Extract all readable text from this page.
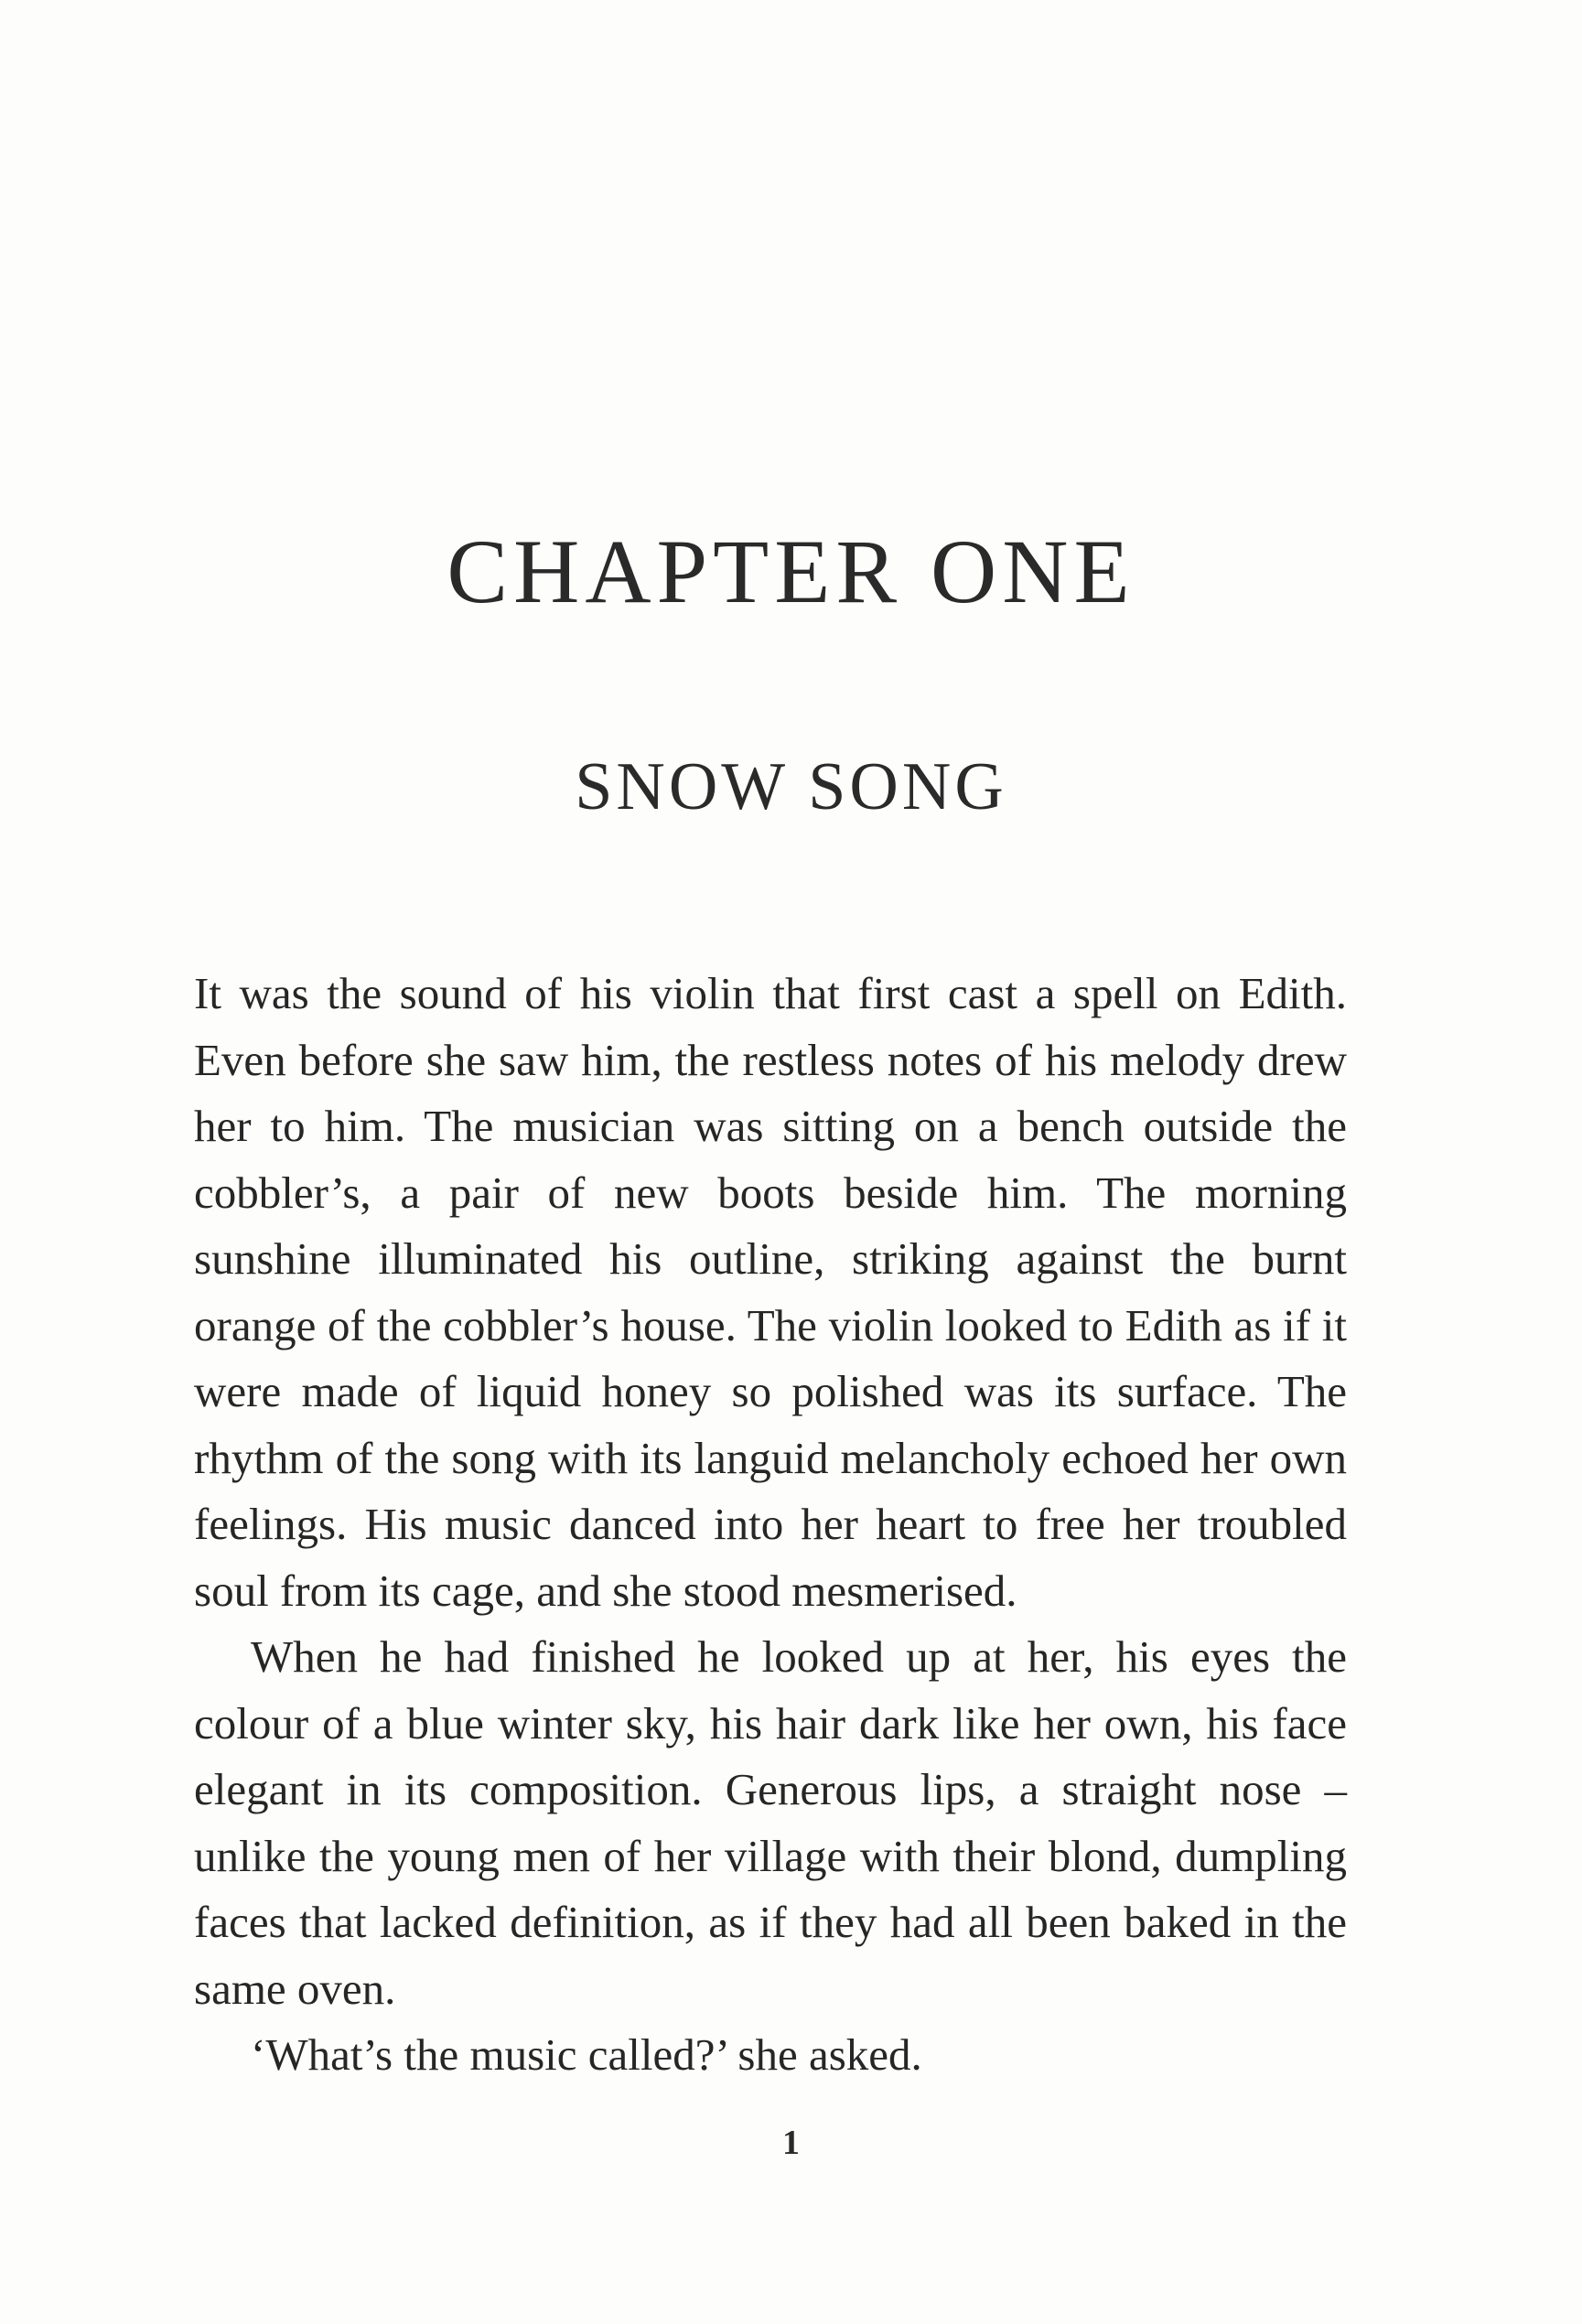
CHAPTER ONE
SNOW SONG

It was the sound of his violin that first cast a spell on Edith. Even before she saw him, the restless notes of his melody drew her to him. The musician was sitting on a bench outside the cobbler’s, a pair of new boots beside him. The morning sunshine illuminated his outline, striking against the burnt orange of the cobbler’s house. The violin looked to Edith as if it were made of liquid honey so polished was its surface. The rhythm of the song with its languid melancholy echoed her own feelings. His music danced into her heart to free her troubled soul from its cage, and she stood mesmerised.

When he had finished he looked up at her, his eyes the colour of a blue winter sky, his hair dark like her own, his face elegant in its composition. Generous lips, a straight nose – unlike the young men of her village with their blond, dumpling faces that lacked definition, as if they had all been baked in the same oven.

‘What’s the music called?’ she asked.

1
